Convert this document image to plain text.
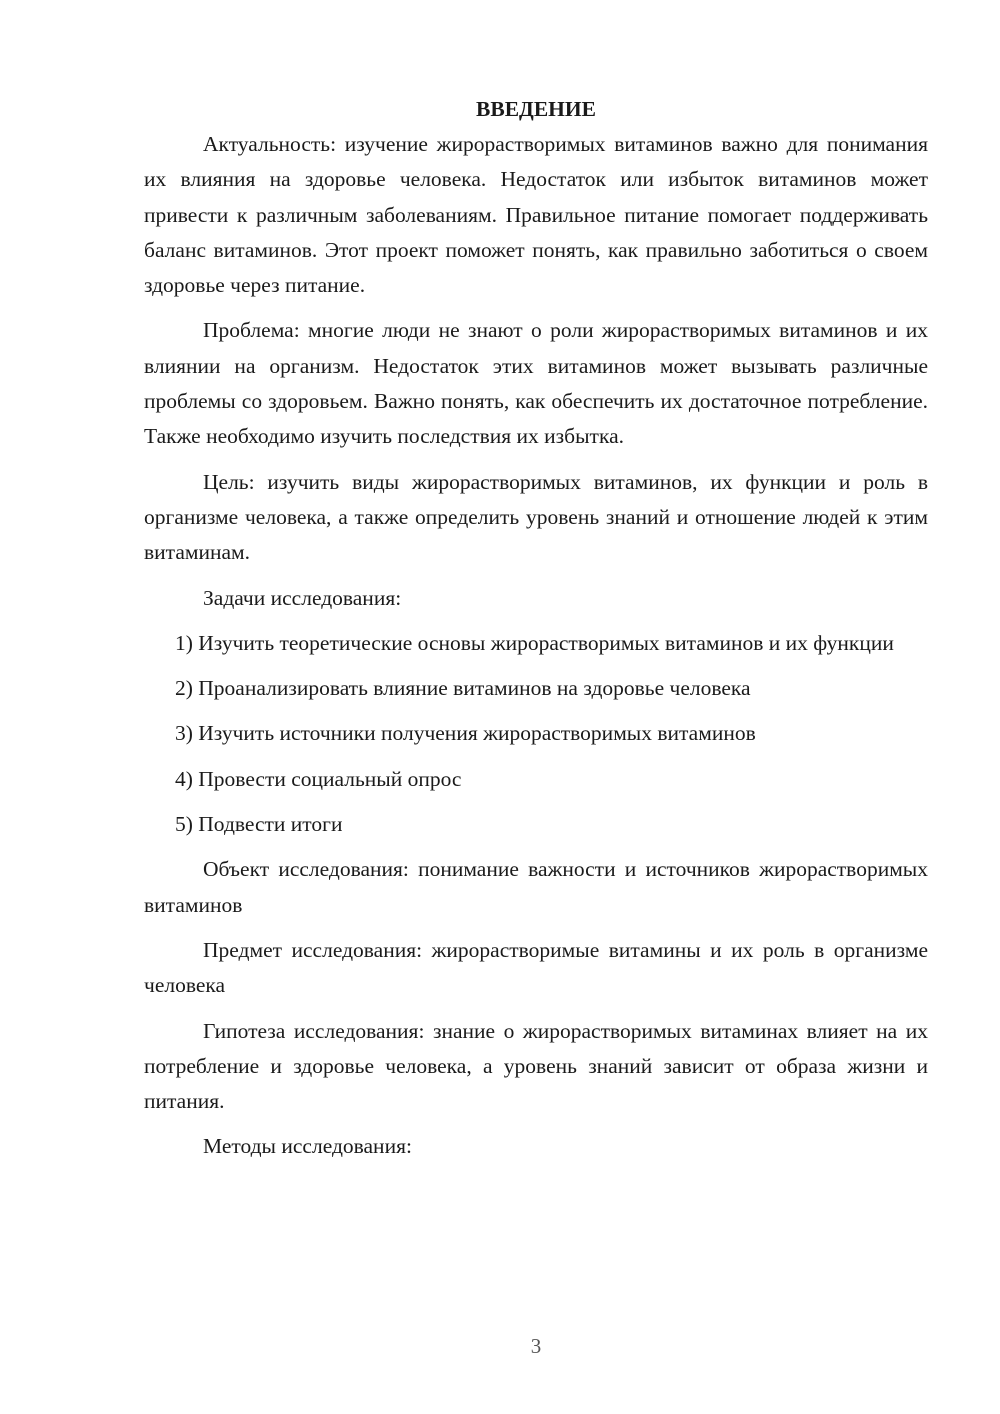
ВВЕДЕНИЕ

Актуальность: изучение жирорастворимых витаминов важно для понимания их влияния на здоровье человека. Недостаток или избыток витаминов может привести к различным заболеваниям. Правильное питание помогает поддерживать баланс витаминов. Этот проект поможет понять, как правильно заботиться о своем здоровье через питание.

Проблема: многие люди не знают о роли жирорастворимых витаминов и их влиянии на организм. Недостаток этих витаминов может вызывать различные проблемы со здоровьем. Важно понять, как обеспечить их достаточное потребление. Также необходимо изучить последствия их избытка.

Цель: изучить виды жирорастворимых витаминов, их функции и роль в организме человека, а также определить уровень знаний и отношение людей к этим витаминам.

Задачи исследования:

1) Изучить теоретические основы жирорастворимых витаминов и их функции

2) Проанализировать влияние витаминов на здоровье человека

3) Изучить источники получения жирорастворимых витаминов

4) Провести социальный опрос

5) Подвести итоги

Объект исследования: понимание важности и источников жирорастворимых витаминов

Предмет исследования: жирорастворимые витамины и их роль в организме человека

Гипотеза исследования: знание о жирорастворимых витаминах влияет на их потребление и здоровье человека, а уровень знаний зависит от образа жизни и питания.

Методы исследования:

3
